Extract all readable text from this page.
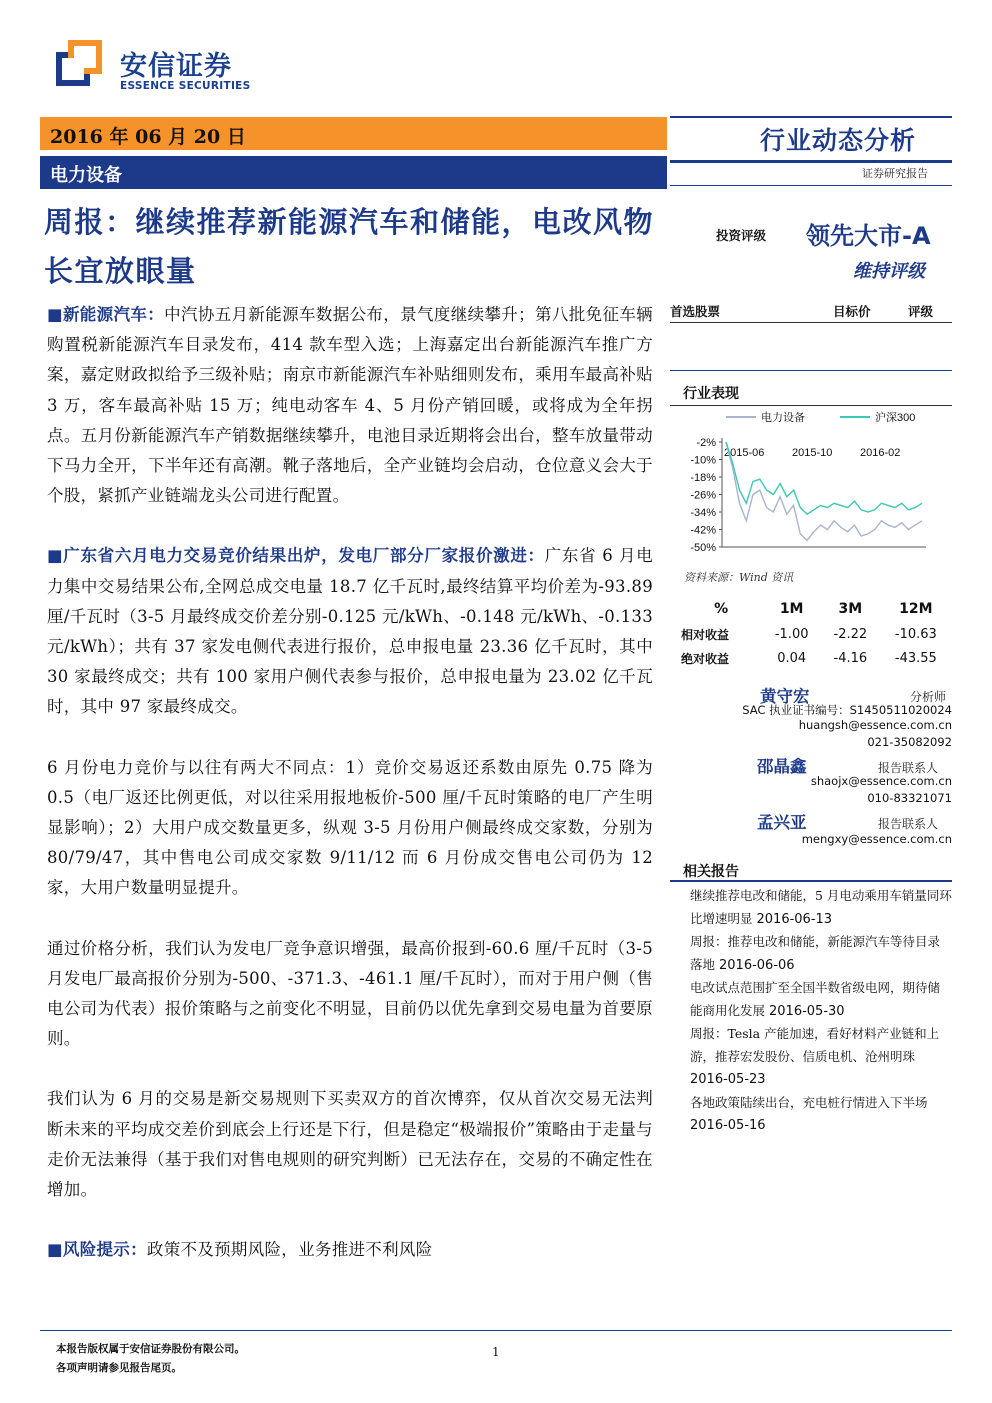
安信证券
ESSENCE SECURITIES
2016 年 06 月 20 日
电力设备
行业动态分析
证券研究报告
周报：继续推荐新能源汽车和储能，电改风物长宜放眼量
投资评级 领先大市-A
维持评级
首选股票	目标价	评级
行业表现
电力设备	沪深300
-2%
-10%
-18%
-26%
-34%
-42%
-50%
2015-06	2015-10	2016-02
资料来源：Wind 资讯
%	1M	3M	12M
相对收益	-1.00	-2.22	-10.63
绝对收益	0.04	-4.16	-43.55
黄守宏	分析师
SAC 执业证书编号：S1450511020024
huangsh@essence.com.cn
021-35082092
邵晶鑫	报告联系人
shaojx@essence.com.cn
010-83321071
孟兴亚	报告联系人
mengxy@essence.com.cn
相关报告
继续推荐电改和储能，5 月电动乘用车销量同环比增速明显 2016-06-13
周报：推荐电改和储能，新能源汽车等待目录落地 2016-06-06
电改试点范围扩至全国半数省级电网，期待储能商用化发展 2016-05-30
周报：Tesla 产能加速，看好材料产业链和上游，推荐宏发股份、信质电机、沧州明珠 2016-05-23
各地政策陆续出台，充电桩行情进入下半场 2016-05-16

■新能源汽车：中汽协五月新能源车数据公布，景气度继续攀升；第八批免征车辆购置税新能源汽车目录发布，414 款车型入选；上海嘉定出台新能源汽车推广方案，嘉定财政拟给予三级补贴；南京市新能源汽车补贴细则发布，乘用车最高补贴 3 万，客车最高补贴 15 万；纯电动客车 4、5 月份产销回暖，或将成为全年拐点。五月份新能源汽车产销数据继续攀升，电池目录近期将会出台，整车放量带动下马力全开，下半年还有高潮。靴子落地后，全产业链均会启动，仓位意义会大于个股，紧抓产业链端龙头公司进行配置。

■广东省六月电力交易竞价结果出炉，发电厂部分厂家报价激进：广东省 6 月电力集中交易结果公布,全网总成交电量 18.7 亿千瓦时,最终结算平均价差为-93.89 厘/千瓦时（3-5 月最终成交价差分别-0.125 元/kWh、-0.148 元/kWh、-0.133 元/kWh）；共有 37 家发电侧代表进行报价，总申报电量 23.36 亿千瓦时，其中 30 家最终成交；共有 100 家用户侧代表参与报价，总申报电量为 23.02 亿千瓦时，其中 97 家最终成交。

6 月份电力竞价与以往有两大不同点：1）竞价交易返还系数由原先 0.75 降为 0.5（电厂返还比例更低，对以往采用报地板价-500 厘/千瓦时策略的电厂产生明显影响）；2）大用户成交数量更多，纵观 3-5 月份用户侧最终成交家数，分别为 80/79/47，其中售电公司成交家数 9/11/12 而 6 月份成交售电公司仍为 12 家，大用户数量明显提升。

通过价格分析，我们认为发电厂竞争意识增强，最高价报到-60.6 厘/千瓦时（3-5 月发电厂最高报价分别为-500、-371.3、-461.1 厘/千瓦时），而对于用户侧（售电公司为代表）报价策略与之前变化不明显，目前仍以优先拿到交易电量为首要原则。

我们认为 6 月的交易是新交易规则下买卖双方的首次博弈，仅从首次交易无法判断未来的平均成交差价到底会上行还是下行，但是稳定“极端报价”策略由于走量与走价无法兼得（基于我们对售电规则的研究判断）已无法存在，交易的不确定性在增加。

■风险提示：政策不及预期风险，业务推进不利风险

本报告版权属于安信证券股份有限公司。
各项声明请参见报告尾页。
1
